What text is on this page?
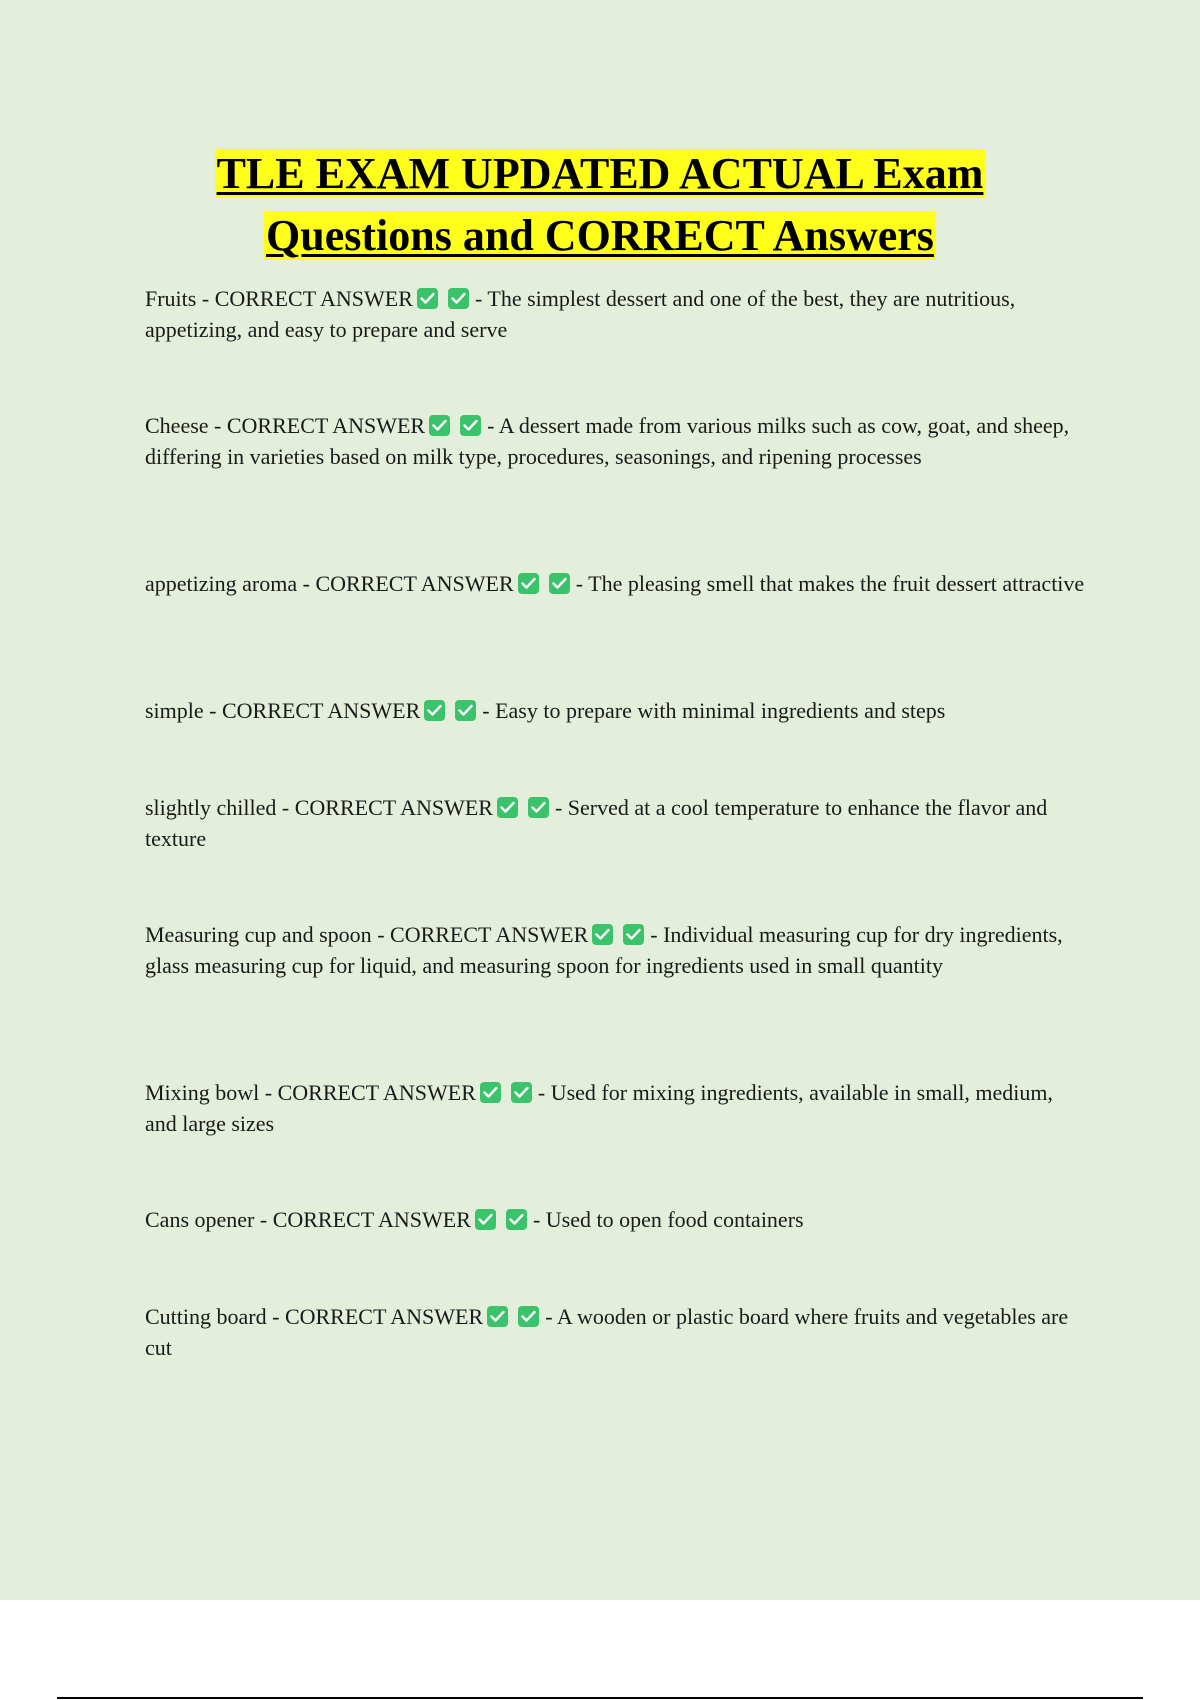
TLE EXAM UPDATED ACTUAL Exam
Questions and CORRECT Answers
Fruits - CORRECT ANSWER	- The simplest dessert and one of the best, they are nutritious, appetizing, and easy to prepare and serve
Cheese - CORRECT ANSWER	- A dessert made from various milks such as cow, goat, and sheep, differing in varieties based on milk type, procedures, seasonings, and ripening processes
appetizing aroma - CORRECT ANSWER	- The pleasing smell that makes the fruit dessert attractive
simple - CORRECT ANSWER	- Easy to prepare with minimal ingredients and steps
slightly chilled - CORRECT ANSWER	- Served at a cool temperature to enhance the flavor and texture
Measuring cup and spoon - CORRECT ANSWER	- Individual measuring cup for dry ingredients, glass measuring cup for liquid, and measuring spoon for ingredients used in small quantity
Mixing bowl - CORRECT ANSWER	- Used for mixing ingredients, available in small, medium, and large sizes
Cans opener - CORRECT ANSWER	- Used to open food containers
Cutting board - CORRECT ANSWER	- A wooden or plastic board where fruits and vegetables are cut
